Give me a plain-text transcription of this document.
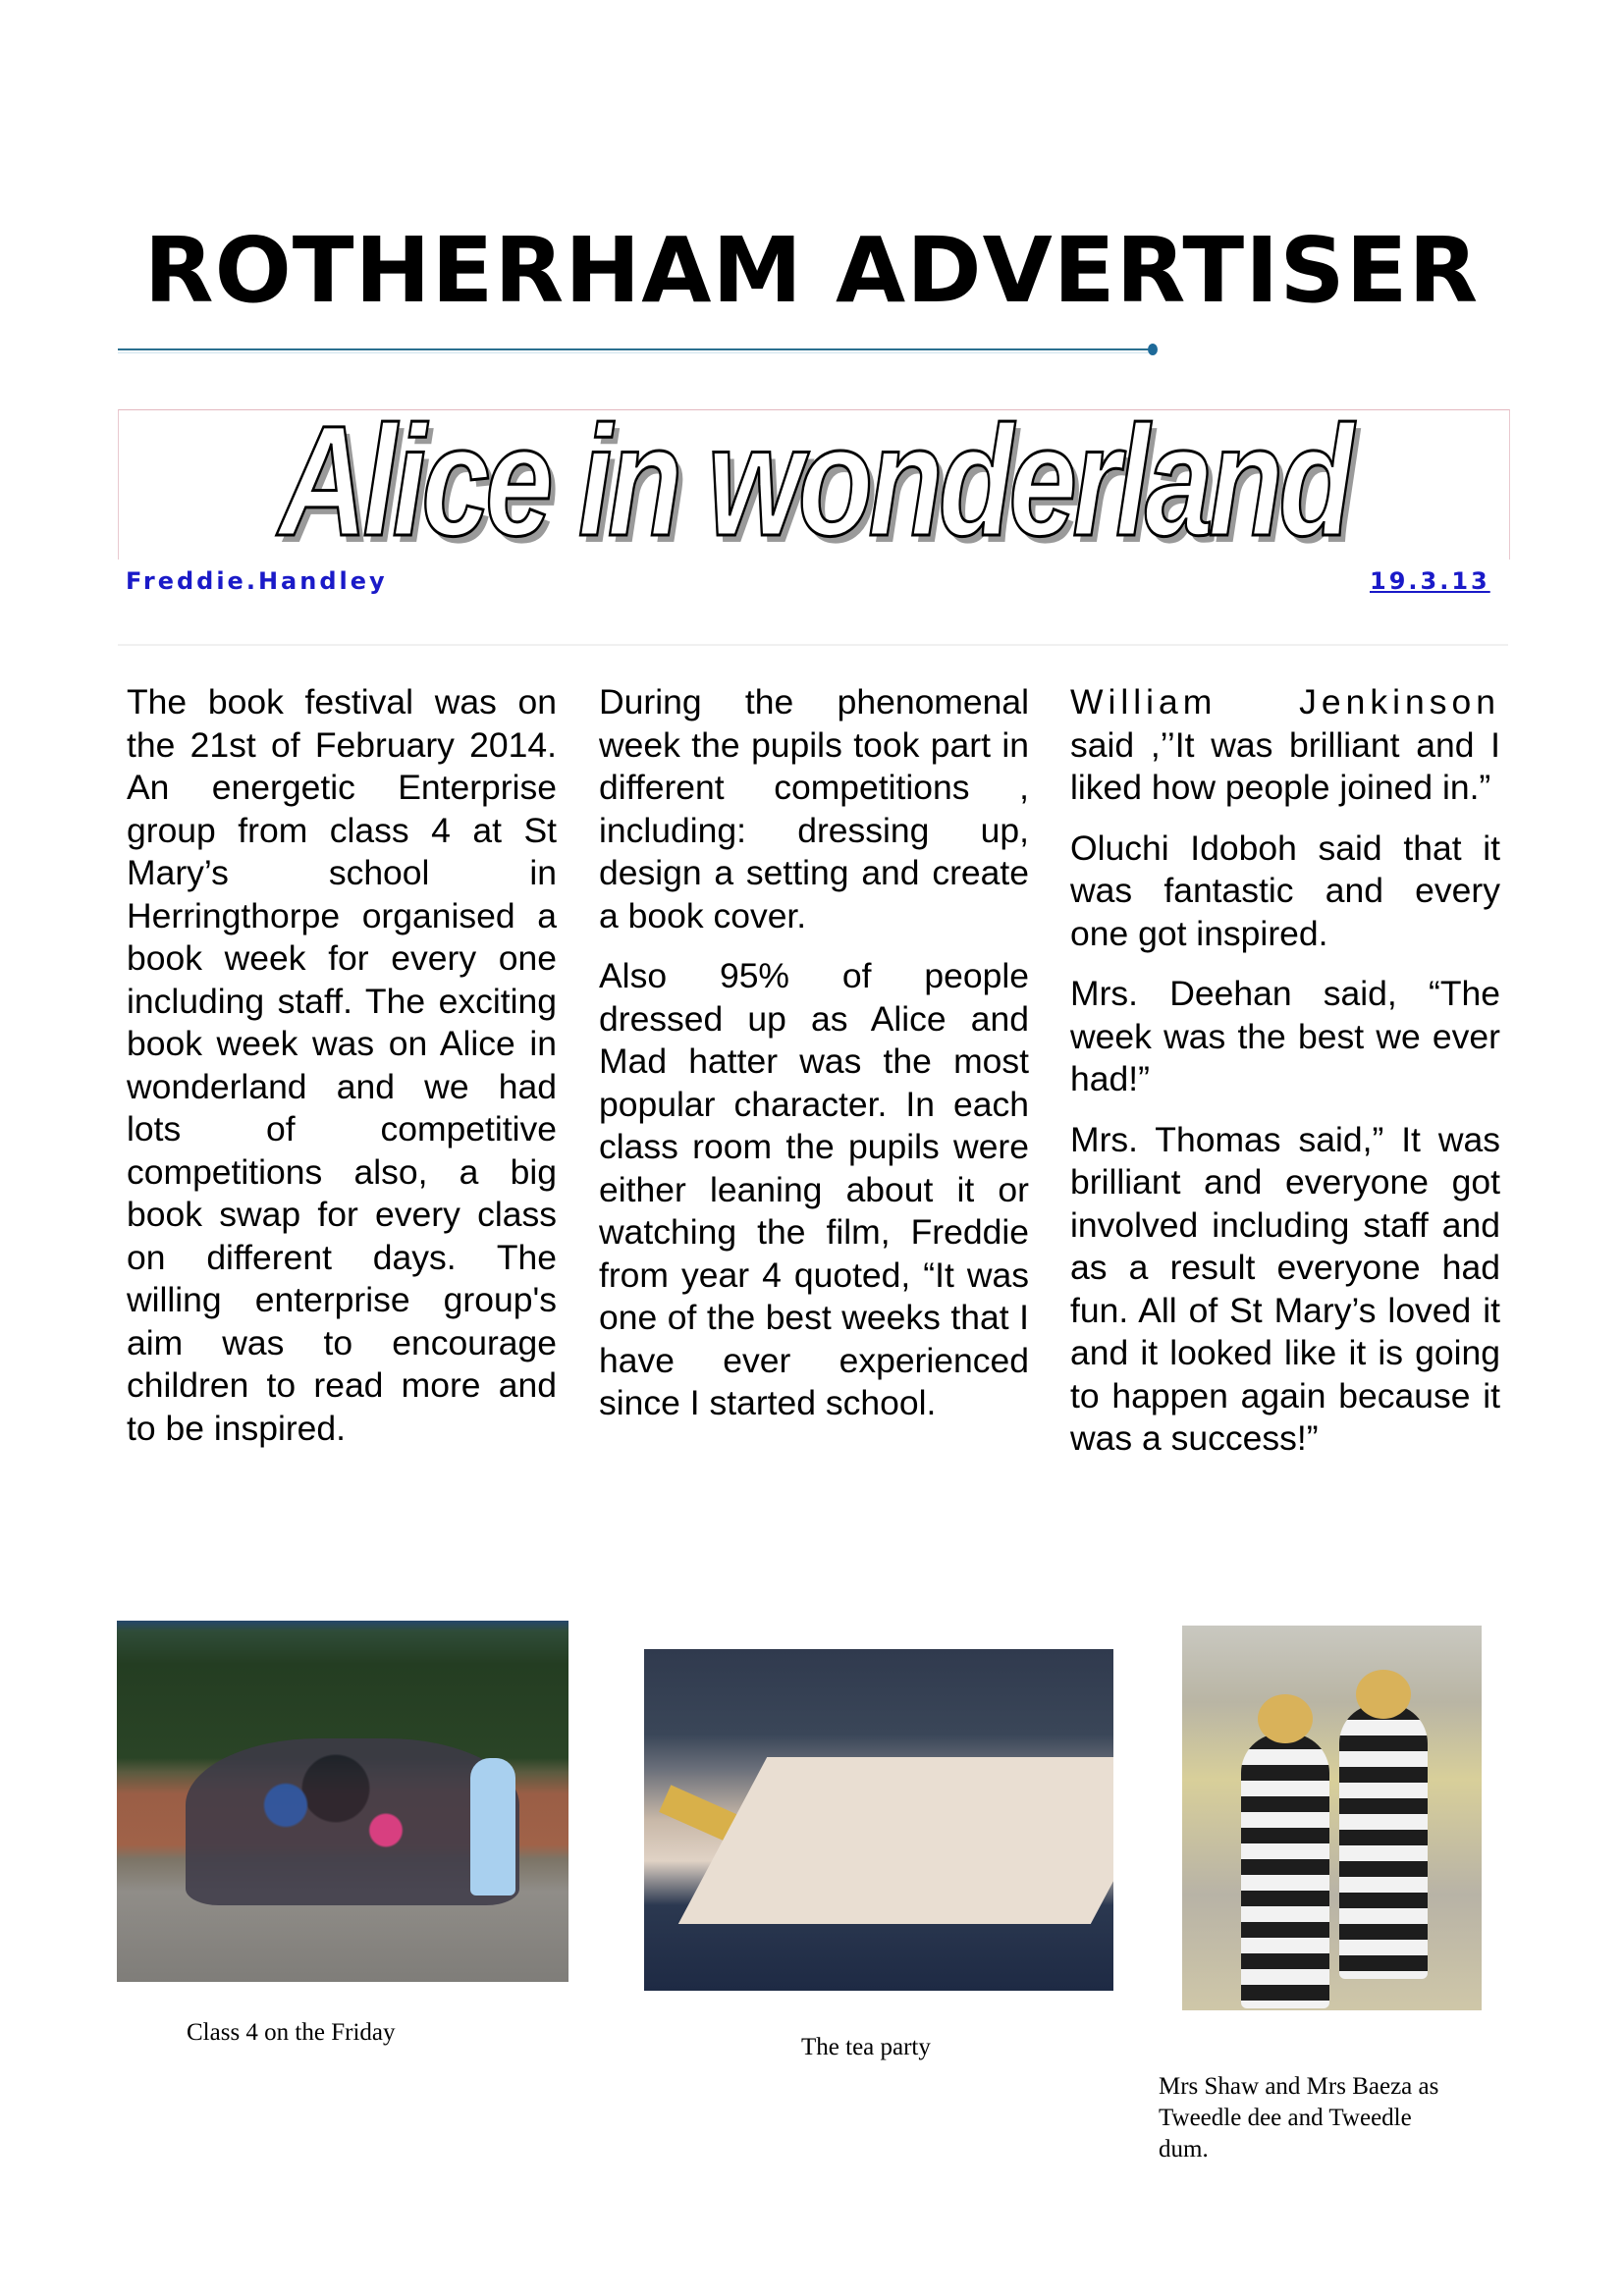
ROTHERHAM ADVERTISER
Alice in wonderland
Freddie.Handley	19.3.13

The book festival was on the 21st of February 2014. An energetic Enterprise group from class 4 at St Mary’s school in Herringthorpe organised a book week for every one including staff. The exciting book week was on Alice in wonderland and we had lots of competitive competitions also, a big book swap for every class on different days. The willing enterprise group's aim was to encourage children to read more and to be inspired.

During the phenomenal week the pupils took part in different competitions , including: dressing up, design a setting and create a book cover.

Also 95% of people dressed up as Alice and Mad hatter was the most popular character. In each class room the pupils were either leaning about it or watching the film, Freddie from year 4 quoted, “It was one of the best weeks that I have ever experienced since I started school.

William Jenkinson said ,’’It was brilliant and I liked how people joined in.”

Oluchi Idoboh said that it was fantastic and every one got inspired.

Mrs. Deehan said, “The week was the best we ever had!”

Mrs. Thomas said,” It was brilliant and everyone got involved including staff and as a result everyone had fun. All of St Mary’s loved it and it looked like it is going to happen again because it was a success!”

Class 4 on the Friday
The tea party
Mrs Shaw and Mrs Baeza as Tweedle dee and Tweedle dum.
